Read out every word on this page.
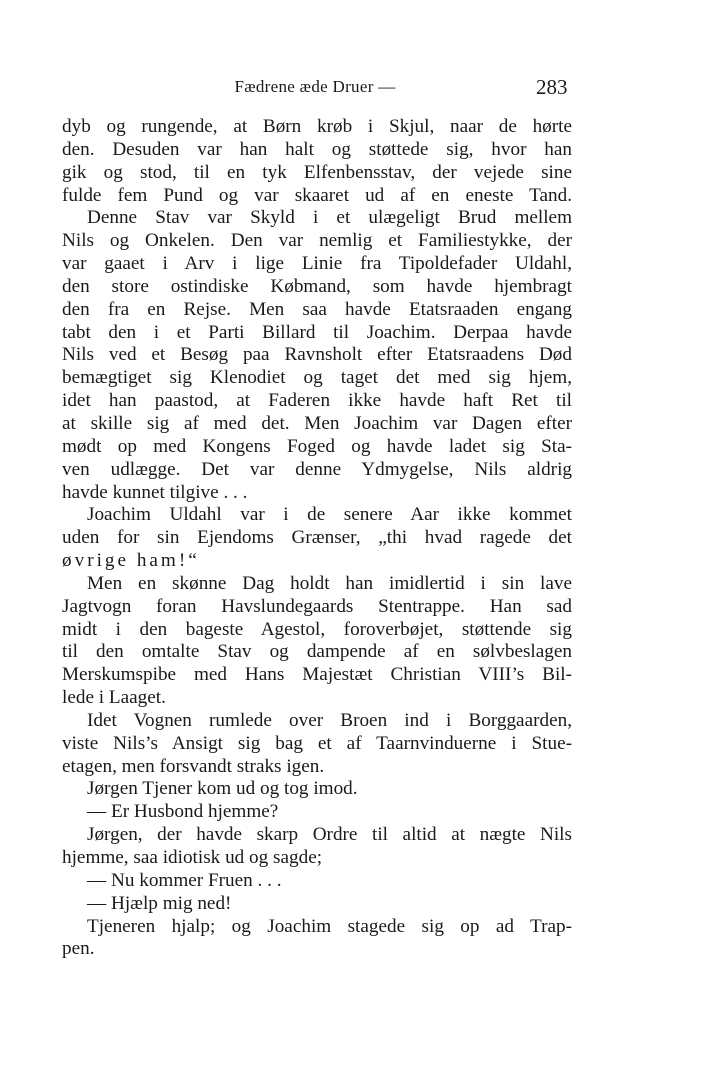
Fædrene æde Druer —	283
dyb og rungende, at Børn krøb i Skjul, naar de hørte
den. Desuden var han halt og støttede sig, hvor han
gik og stod, til en tyk Elfenbensstav, der vejede sine
fulde fem Pund og var skaaret ud af en eneste Tand.
Denne Stav var Skyld i et ulægeligt Brud mellem
Nils og Onkelen. Den var nemlig et Familiestykke, der
var gaaet i Arv i lige Linie fra Tipoldefader Uldahl,
den store ostindiske Købmand, som havde hjembragt
den fra en Rejse. Men saa havde Etatsraaden engang
tabt den i et Parti Billard til Joachim. Derpaa havde
Nils ved et Besøg paa Ravnsholt efter Etatsraadens Død
bemægtiget sig Klenodiet og taget det med sig hjem,
idet han paastod, at Faderen ikke havde haft Ret til
at skille sig af med det. Men Joachim var Dagen efter
mødt op med Kongens Foged og havde ladet sig Sta-
ven udlægge. Det var denne Ydmygelse, Nils aldrig
havde kunnet tilgive . . .
Joachim Uldahl var i de senere Aar ikke kommet
uden for sin Ejendoms Grænser, „thi hvad ragede det
øvrige ham!“
Men en skønne Dag holdt han imidlertid i sin lave
Jagtvogn foran Havslundegaards Stentrappe. Han sad
midt i den bageste Agestol, foroverbøjet, støttende sig
til den omtalte Stav og dampende af en sølvbeslagen
Merskumspibe med Hans Majestæt Christian VIII’s Bil-
lede i Laaget.
Idet Vognen rumlede over Broen ind i Borggaarden,
viste Nils’s Ansigt sig bag et af Taarnvinduerne i Stue-
etagen, men forsvandt straks igen.
Jørgen Tjener kom ud og tog imod.
— Er Husbond hjemme?
Jørgen, der havde skarp Ordre til altid at nægte Nils
hjemme, saa idiotisk ud og sagde;
— Nu kommer Fruen . . .
— Hjælp mig ned!
Tjeneren hjalp; og Joachim stagede sig op ad Trap-
pen.
